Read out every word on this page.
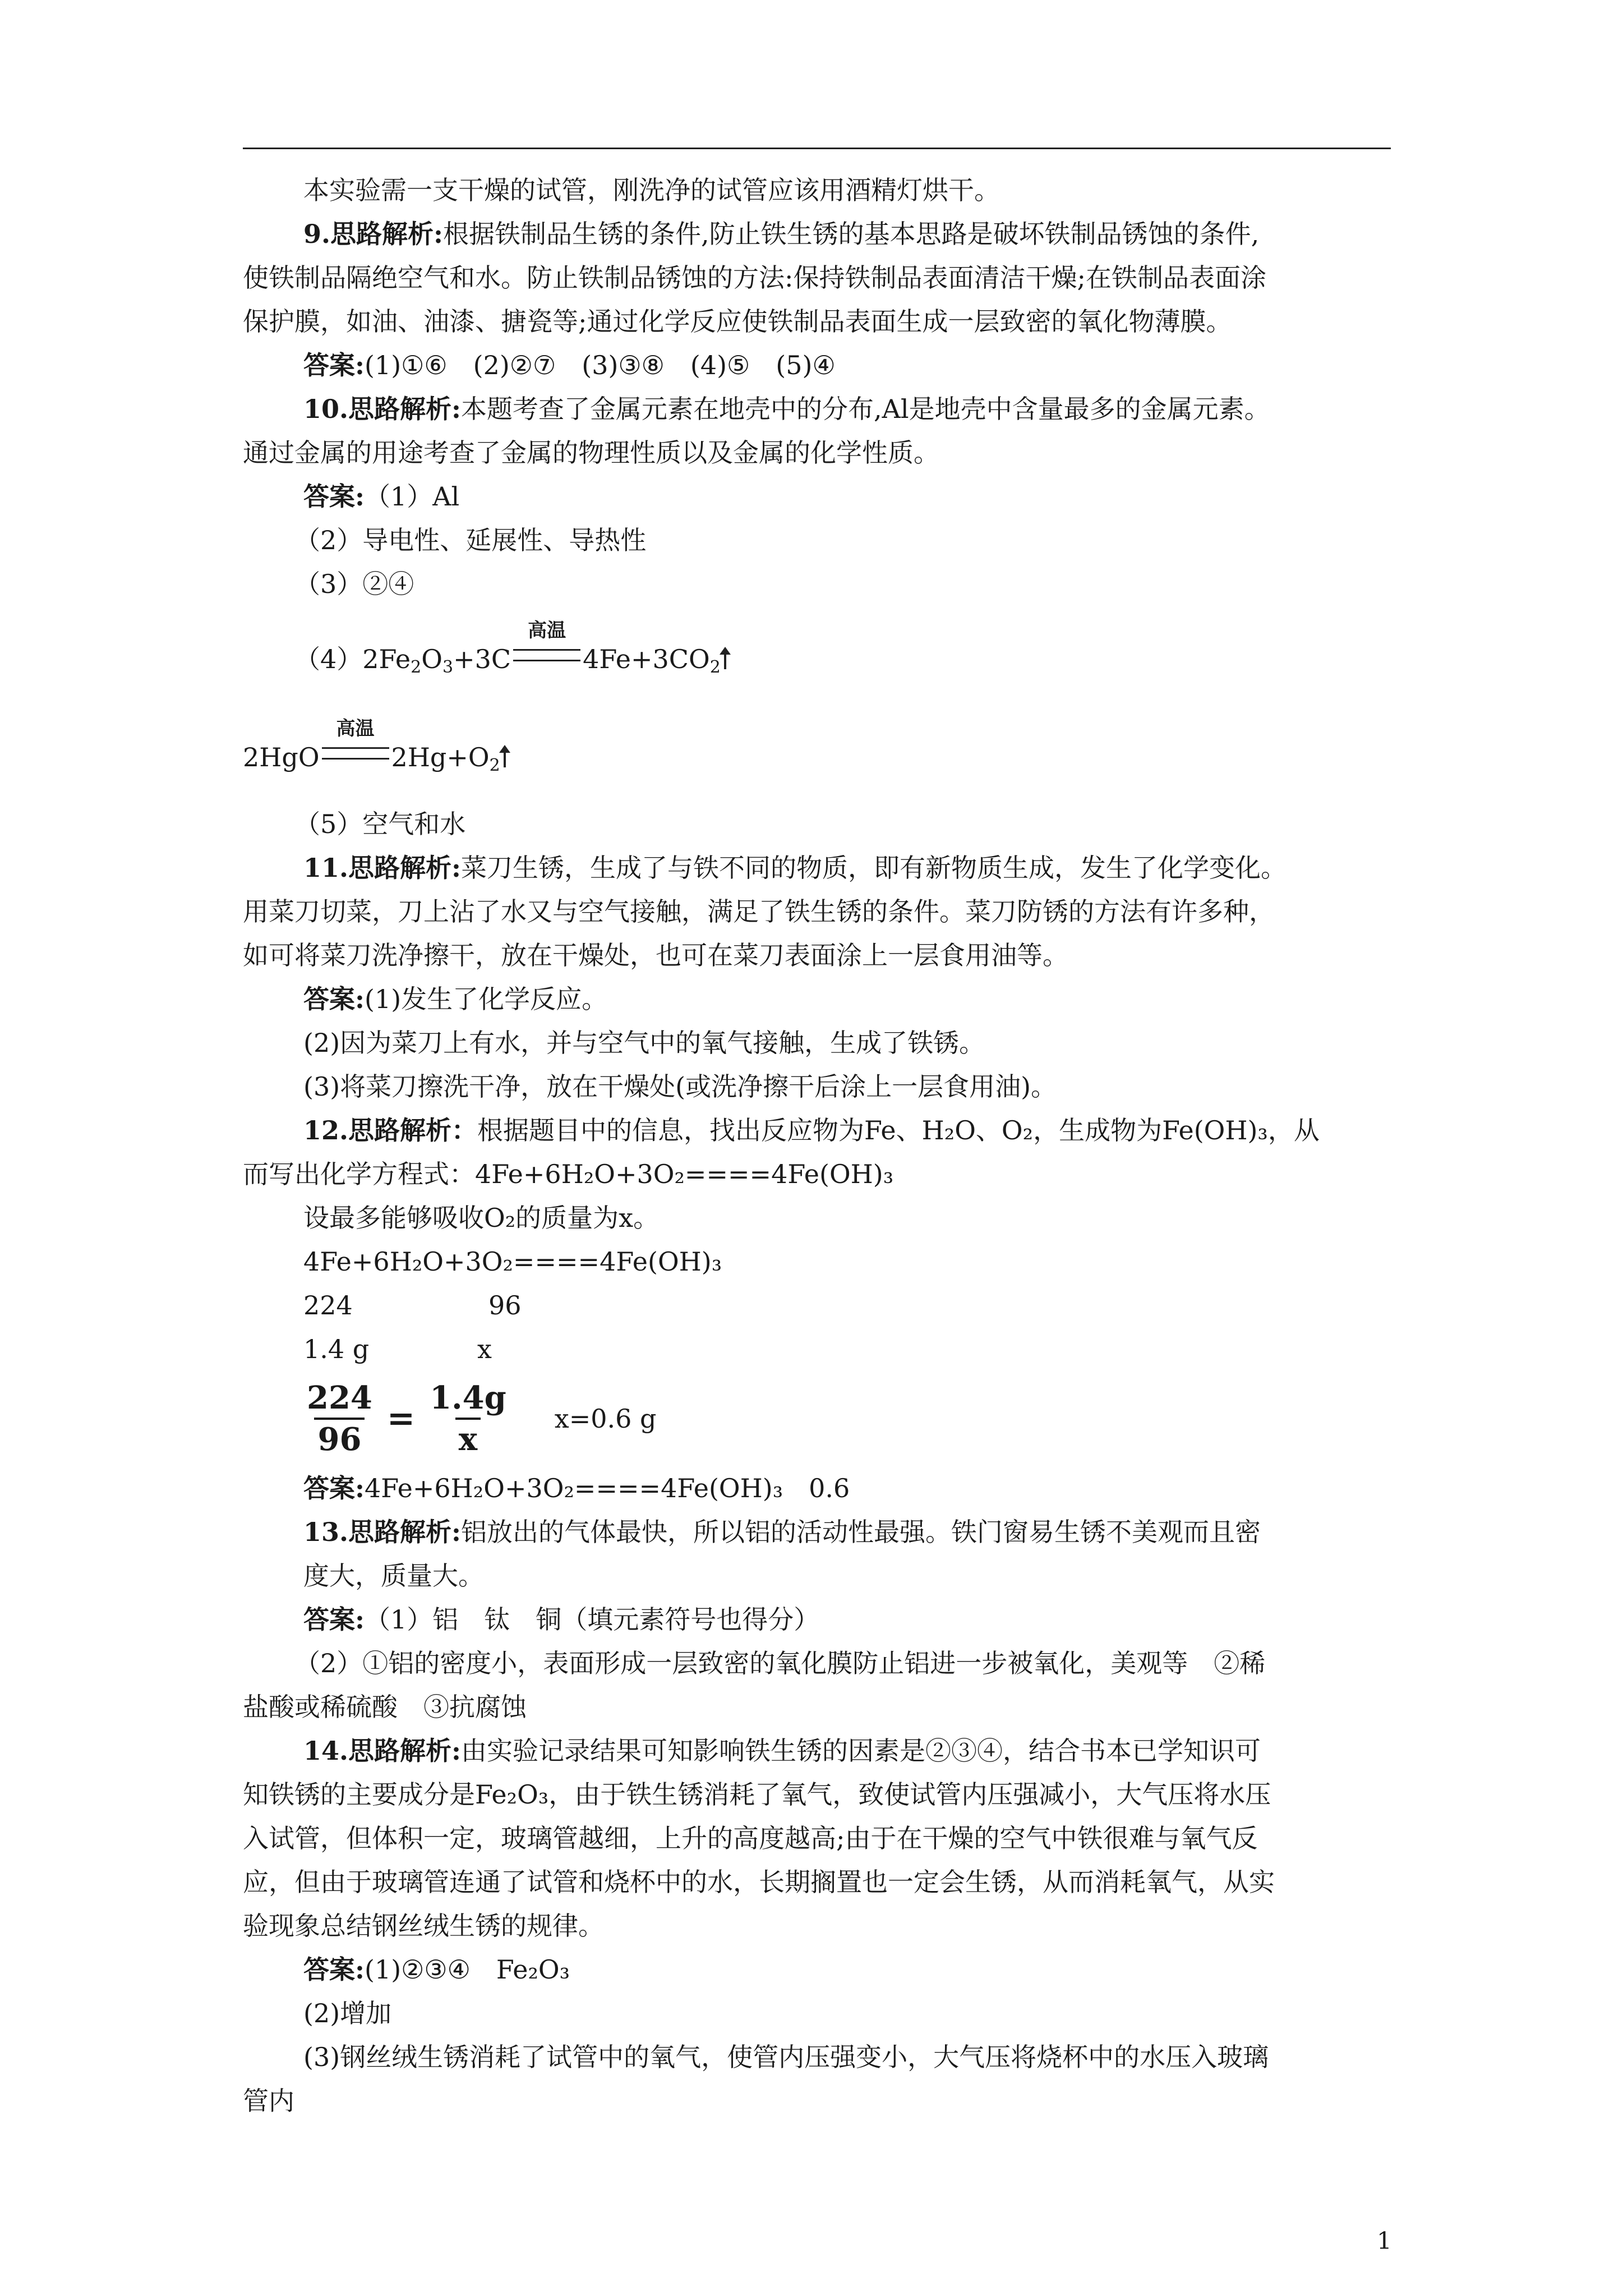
本实验需一支干燥的试管，刚洗净的试管应该用酒精灯烘干。

9.思路解析:根据铁制品生锈的条件,防止铁生锈的基本思路是破坏铁制品锈蚀的条件,

使铁制品隔绝空气和水。防止铁制品锈蚀的方法:保持铁制品表面清洁干燥;在铁制品表面涂

保护膜，如油、油漆、搪瓷等;通过化学反应使铁制品表面生成一层致密的氧化物薄膜。

答案:(1)①⑥　(2)②⑦　(3)③⑧　(4)⑤　(5)④

10.思路解析:本题考查了金属元素在地壳中的分布,Al是地壳中含量最多的金属元素。

通过金属的用途考查了金属的物理性质以及金属的化学性质。

答案:（1）Al

（2）导电性、延展性、导热性

（3）②④

$(4)2Fe_2O_3+3C$
高温
$4Fe+3CO_2$

2HgO
高温
$2Hg+O_2$

（5）空气和水

11.思路解析:菜刀生锈，生成了与铁不同的物质，即有新物质生成，发生了化学变化。

用菜刀切菜，刀上沾了水又与空气接触，满足了铁生锈的条件。菜刀防锈的方法有许多种，

如可将菜刀洗净擦干，放在干燥处，也可在菜刀表面涂上一层食用油等。

答案:(1)发生了化学反应。

(2)因为菜刀上有水，并与空气中的氧气接触，生成了铁锈。

(3)将菜刀擦洗干净，放在干燥处(或洗净擦干后涂上一层食用油)。

12.思路解析：根据题目中的信息，找出反应物为Fe、H₂O、O₂，生成物为Fe(OH)₃，从

而写出化学方程式：4Fe+6H₂O+3O₂====4Fe(OH)₃

设最多能够吸收O₂的质量为x。

4Fe+6H₂O+3O₂====4Fe(OH)₃

224	96

1.4 g	x

$\frac{224}{96} = \frac{1.4g}{x} x=0.6$ g

答案:4Fe+6H₂O+3O₂====4Fe(OH)₃　0.6

13.思路解析:铝放出的气体最快，所以铝的活动性最强。铁门窗易生锈不美观而且密

度大，质量大。

答案:（1）铝　钛　铜（填元素符号也得分）

（2）①铝的密度小，表面形成一层致密的氧化膜防止铝进一步被氧化，美观等　②稀

盐酸或稀硫酸　③抗腐蚀

14.思路解析:由实验记录结果可知影响铁生锈的因素是②③④，结合书本已学知识可

知铁锈的主要成分是Fe₂O₃，由于铁生锈消耗了氧气，致使试管内压强减小，大气压将水压

入试管，但体积一定，玻璃管越细，上升的高度越高;由于在干燥的空气中铁很难与氧气反

应，但由于玻璃管连通了试管和烧杯中的水，长期搁置也一定会生锈，从而消耗氧气，从实

验现象总结钢丝绒生锈的规律。

答案:(1)②③④　Fe₂O₃

(2)增加

(3)钢丝绒生锈消耗了试管中的氧气，使管内压强变小，大气压将烧杯中的水压入玻璃

管内

1
